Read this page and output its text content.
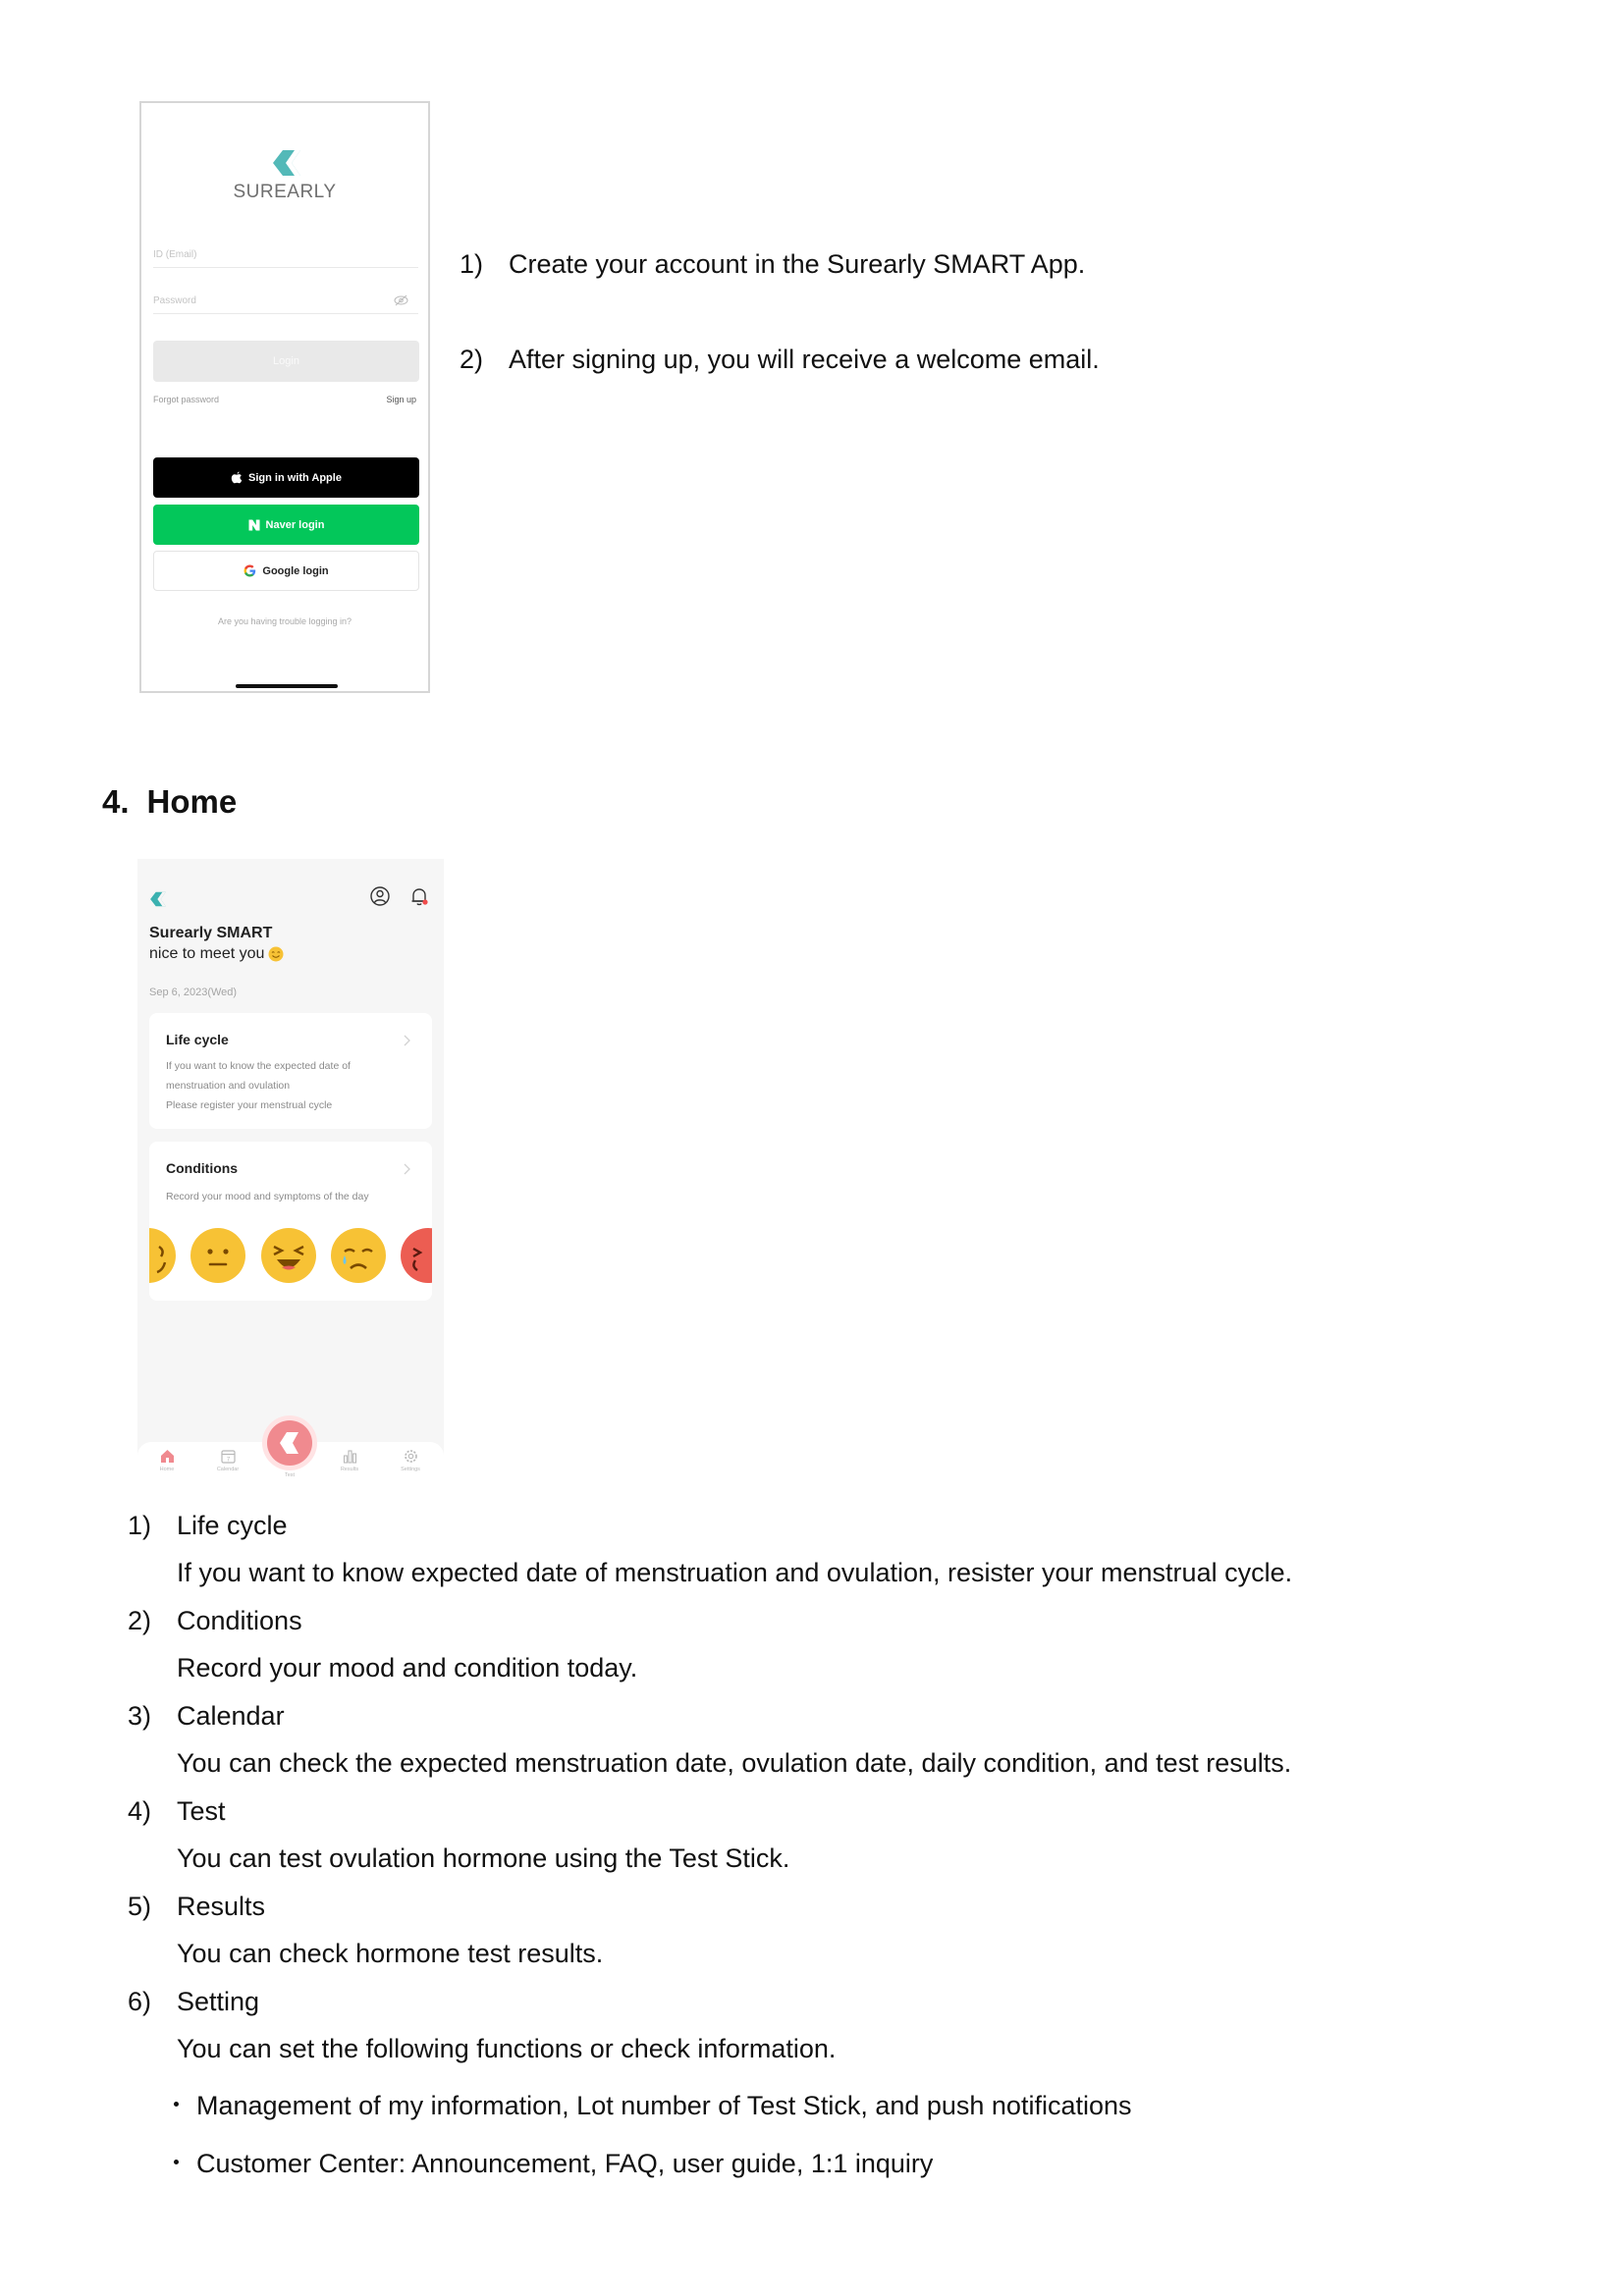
SUREARLY
ID (Email)
Login
Forgot password	Sign up
Sign in with Apple
Naver login
Google login
Are you having trouble logging in?
1) Create your account in the Surearly SMART App.
2) After signing up, you will receive a welcome email.
4. Home
Surearly SMART
nice to meet you
Sep 6, 2023(Wed)
Life cycle
If you want to know the expected date of
menstruation and ovulation
Please register your menstrual cycle
Conditions
Record your mood and symptoms of the day
Home
7
Calendar	Results	Settings
Test
1) Life cycle
If you want to know expected date of menstruation and ovulation, resister your menstrual cycle.
2) Conditions
Record your mood and condition today.
3) Calendar
You can check the expected menstruation date, ovulation date, daily condition, and test results.
4) Test
You can test ovulation hormone using the Test Stick.
5) Results
You can check hormone test results.
6) Setting
You can set the following functions or check information.
・ Management of my information, Lot number of Test Stick, and push notifications
・ Customer Center: Announcement, FAQ, user guide, 1:1 inquiry
